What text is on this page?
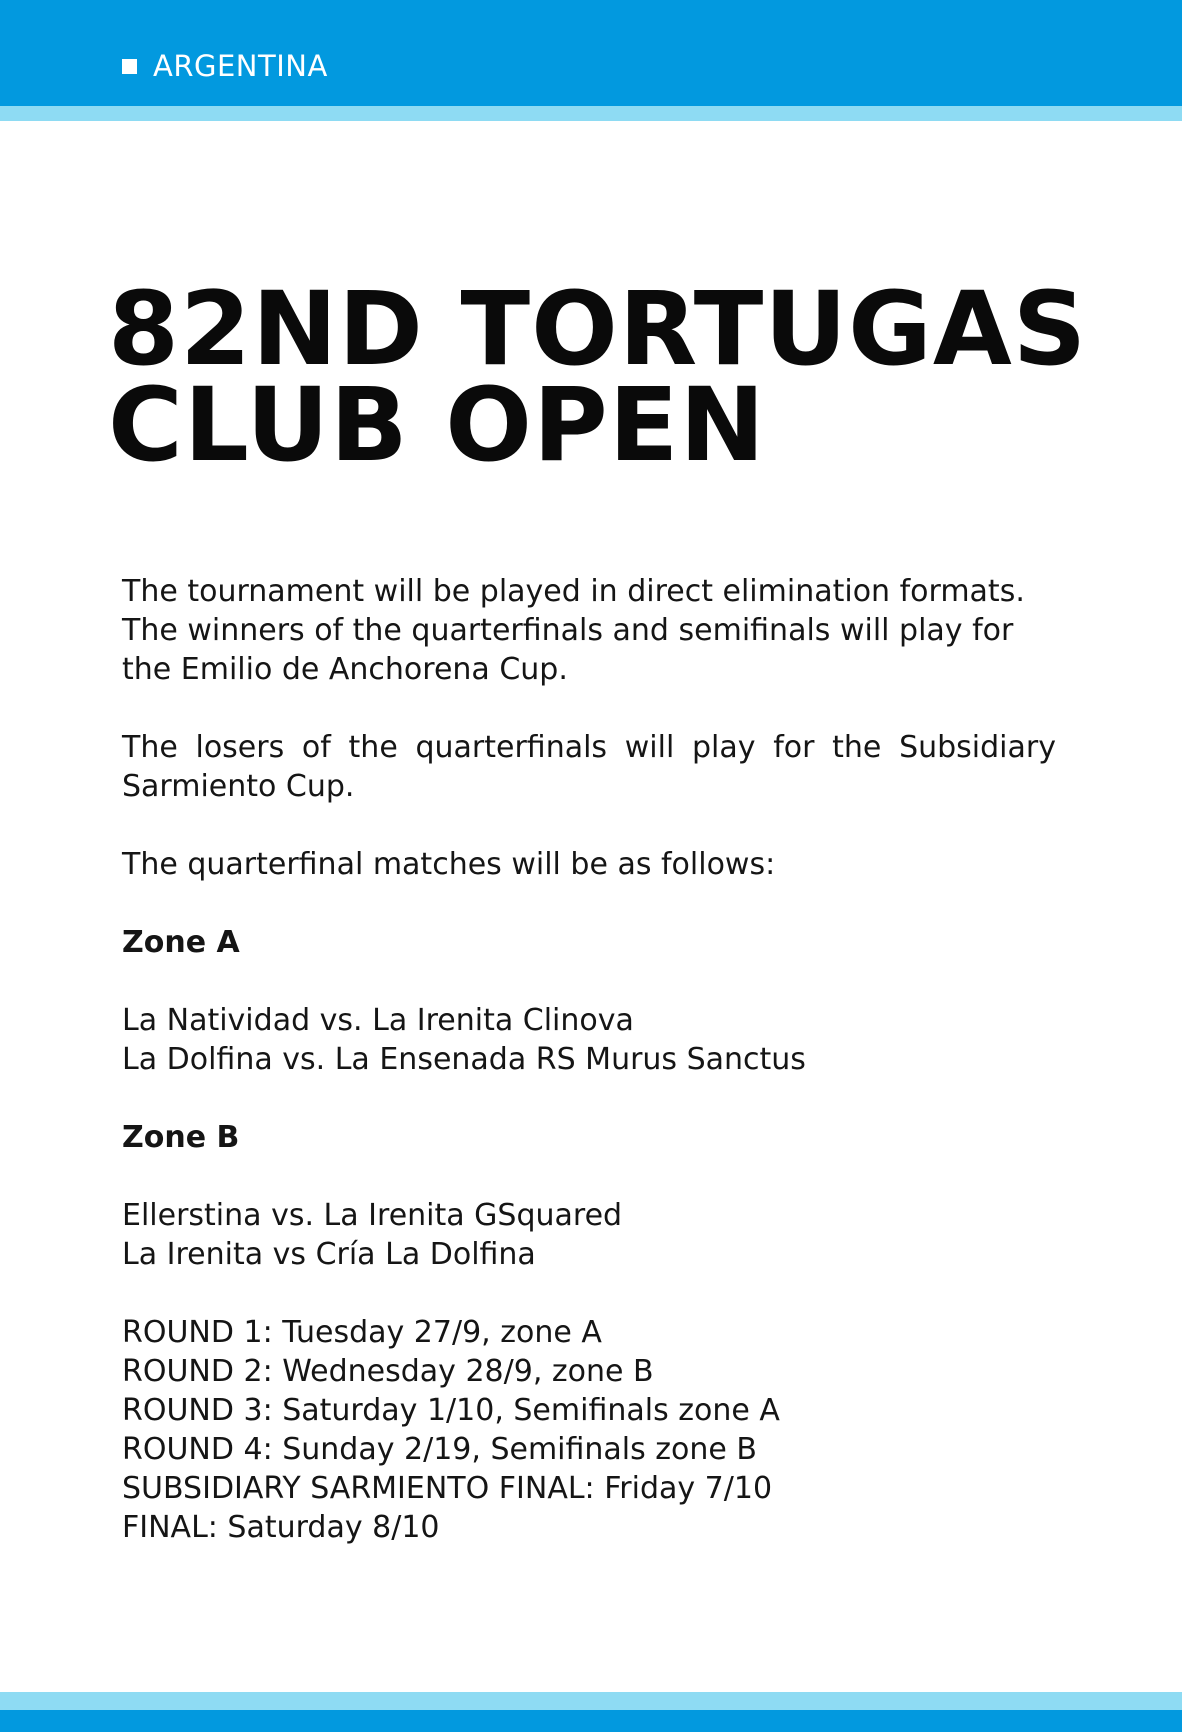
ARGENTINA
82ND TORTUGAS
CLUB OPEN
The tournament will be played in direct elimination formats.
The winners of the quarterfinals and semifinals will play for
the Emilio de Anchorena Cup.
The losers of the quarterfinals will play for the Subsidiary
Sarmiento Cup.
The quarterfinal matches will be as follows:
Zone A
La Natividad vs. La Irenita Clinova
La Dolfina vs. La Ensenada RS Murus Sanctus
Zone B
Ellerstina vs. La Irenita GSquared
La Irenita vs Cría La Dolfina
ROUND 1: Tuesday 27/9, zone A
ROUND 2: Wednesday 28/9, zone B
ROUND 3: Saturday 1/10, Semifinals zone A
ROUND 4: Sunday 2/19, Semifinals zone B
SUBSIDIARY SARMIENTO FINAL: Friday 7/10
FINAL: Saturday 8/10
